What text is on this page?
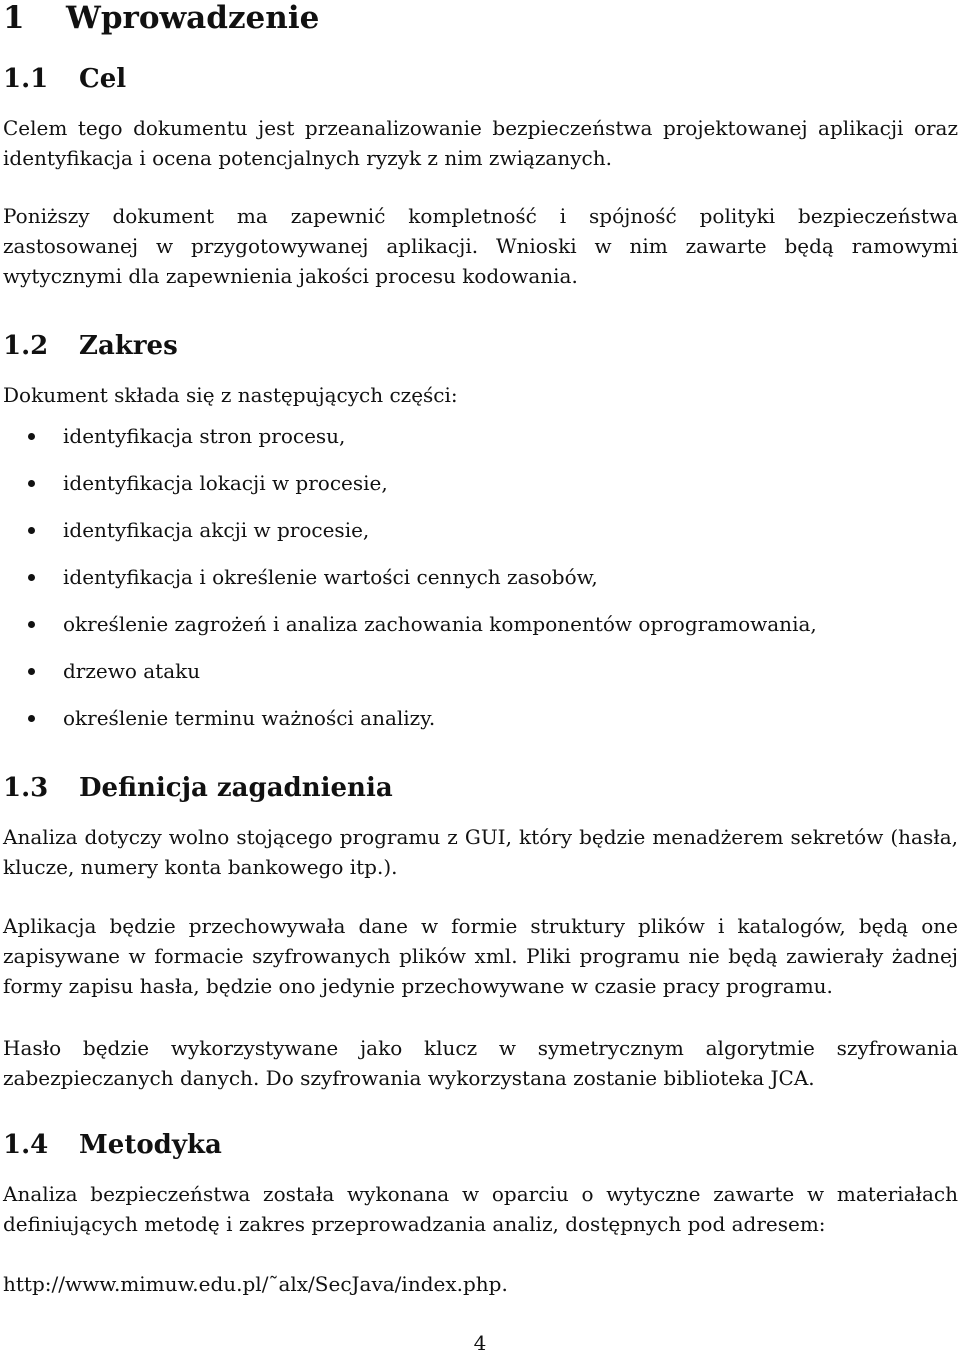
1 Wprowadzenie
1.1 Cel

Celem tego dokumentu jest przeanalizowanie bezpieczeństwa projektowanej aplikacji oraz identyfikacja i ocena potencjalnych ryzyk z nim związanych.

Poniższy dokument ma zapewnić kompletność i spójność polityki bezpieczeństwa zastosowanej w przygotowywanej aplikacji. Wnioski w nim zawarte będą ramowymi wytycznymi dla zapewnienia jakości procesu kodowania.

1.2 Zakres

Dokument składa się z następujących części:

identyfikacja stron procesu,
identyfikacja lokacji w procesie,
identyfikacja akcji w procesie,
identyfikacja i określenie wartości cennych zasobów,
określenie zagrożeń i analiza zachowania komponentów oprogramowania,
drzewo ataku
określenie terminu ważności analizy.
1.3 Definicja zagadnienia

Analiza dotyczy wolno stojącego programu z GUI, który będzie menadżerem sekretów (hasła, klucze, numery konta bankowego itp.).

Aplikacja będzie przechowywała dane w formie struktury plików i katalogów, będą one zapisywane w formacie szyfrowanych plików xml. Pliki programu nie będą zawierały żadnej formy zapisu hasła, będzie ono jedynie przechowywane w czasie pracy programu.

Hasło będzie wykorzystywane jako klucz w symetrycznym algorytmie szyfrowania zabezpieczanych danych. Do szyfrowania wykorzystana zostanie biblioteka JCA.

1.4 Metodyka

Analiza bezpieczeństwa została wykonana w oparciu o wytyczne zawarte w materiałach definiujących metodę i zakres przeprowadzania analiz, dostępnych pod adresem:

http://www.mimuw.edu.pl/˜alx/SecJava/index.php.
4
